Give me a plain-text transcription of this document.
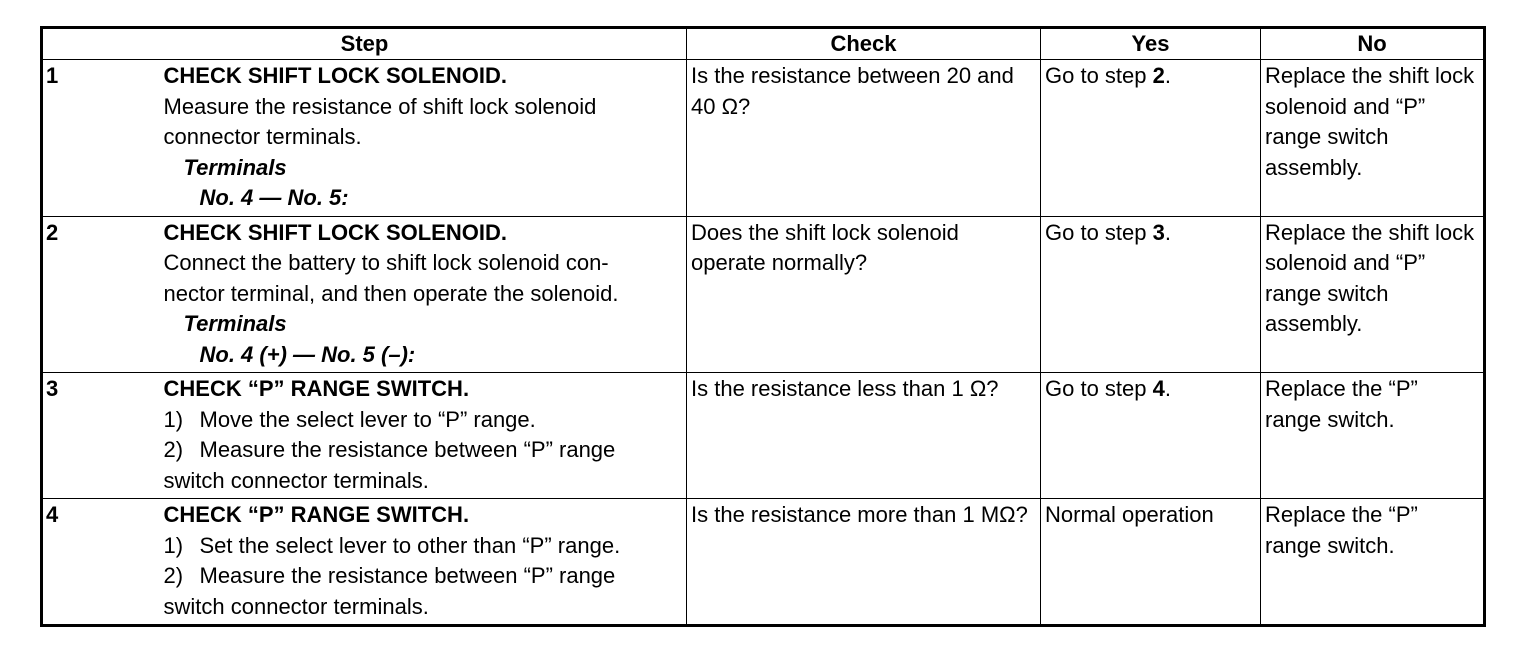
Step		Check	Yes	No
1	CHECK SHIFT LOCK SOLENOID.
Measure the resistance of shift lock solenoid
connector terminals.
Terminals
No. 4 — No. 5:	Is the resistance between 20 and 40 Ω?	Go to step 2.	Replace the shift lock solenoid and “P” range switch assembly.
2	CHECK SHIFT LOCK SOLENOID.
Connect the battery to shift lock solenoid con-
nector terminal, and then operate the solenoid.
Terminals
No. 4 (+) — No. 5 (–):	Does the shift lock solenoid operate normally?	Go to step 3.	Replace the shift lock solenoid and “P” range switch assembly.
3	CHECK “P” RANGE SWITCH.
1) Move the select lever to “P” range.
2) Measure the resistance between “P” range
switch connector terminals.	Is the resistance less than 1 Ω?	Go to step 4.	Replace the “P” range switch.
4	CHECK “P” RANGE SWITCH.
1) Set the select lever to other than “P” range.
2) Measure the resistance between “P” range
switch connector terminals.	Is the resistance more than 1 MΩ?	Normal operation	Replace the “P” range switch.
